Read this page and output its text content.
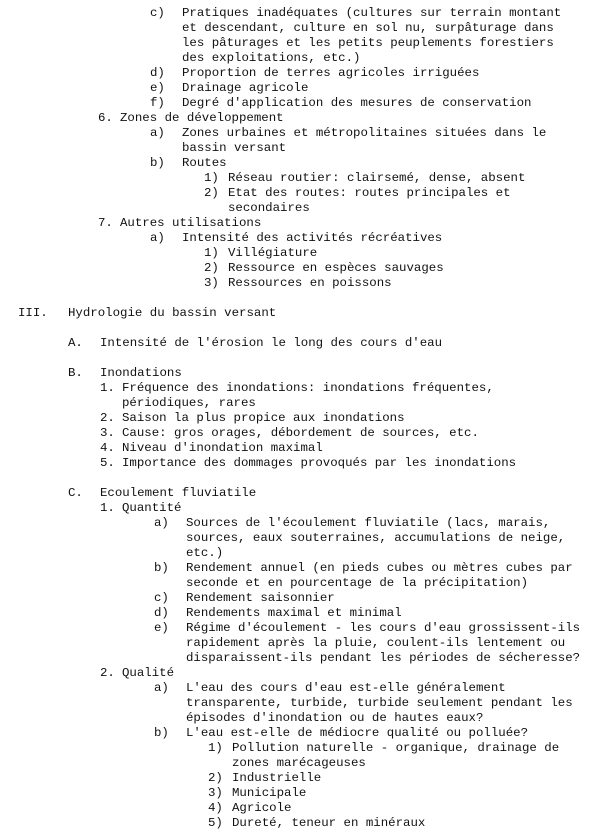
c) Pratiques inadéquates (cultures sur terrain montant
et descendant, culture en sol nu, surpâturage dans
les pâturages et les petits peuplements forestiers
des exploitations, etc.)
d) Proportion de terres agricoles irriguées
e) Drainage agricole
f) Degré d'application des mesures de conservation
6. Zones de développement
a) Zones urbaines et métropolitaines situées dans le
bassin versant
b) Routes
1) Réseau routier: clairsemé, dense, absent
2) Etat des routes: routes principales et
secondaires
7. Autres utilisations
a) Intensité des activités récréatives
1) Villégiature
2) Ressource en espèces sauvages
3) Ressources en poissons
III. Hydrologie du bassin versant
A. Intensité de l'érosion le long des cours d'eau
B. Inondations
1. Fréquence des inondations: inondations fréquentes,
périodiques, rares
2. Saison la plus propice aux inondations
3. Cause: gros orages, débordement de sources, etc.
4. Niveau d'inondation maximal
5. Importance des dommages provoqués par les inondations
C. Ecoulement fluviatile
1. Quantité
a) Sources de l'écoulement fluviatile (lacs, marais,
sources, eaux souterraines, accumulations de neige,
etc.)
b) Rendement annuel (en pieds cubes ou mètres cubes par
seconde et en pourcentage de la précipitation)
c) Rendement saisonnier
d) Rendements maximal et minimal
e) Régime d'écoulement - les cours d'eau grossissent-ils
rapidement après la pluie, coulent-ils lentement ou
disparaissent-ils pendant les périodes de sécheresse?
2. Qualité
a) L'eau des cours d'eau est-elle généralement
transparente, turbide, turbide seulement pendant les
épisodes d'inondation ou de hautes eaux?
b) L'eau est-elle de médiocre qualité ou polluée?
1) Pollution naturelle - organique, drainage de
zones marécageuses
2) Industrielle
3) Municipale
4) Agricole
5) Dureté, teneur en minéraux
